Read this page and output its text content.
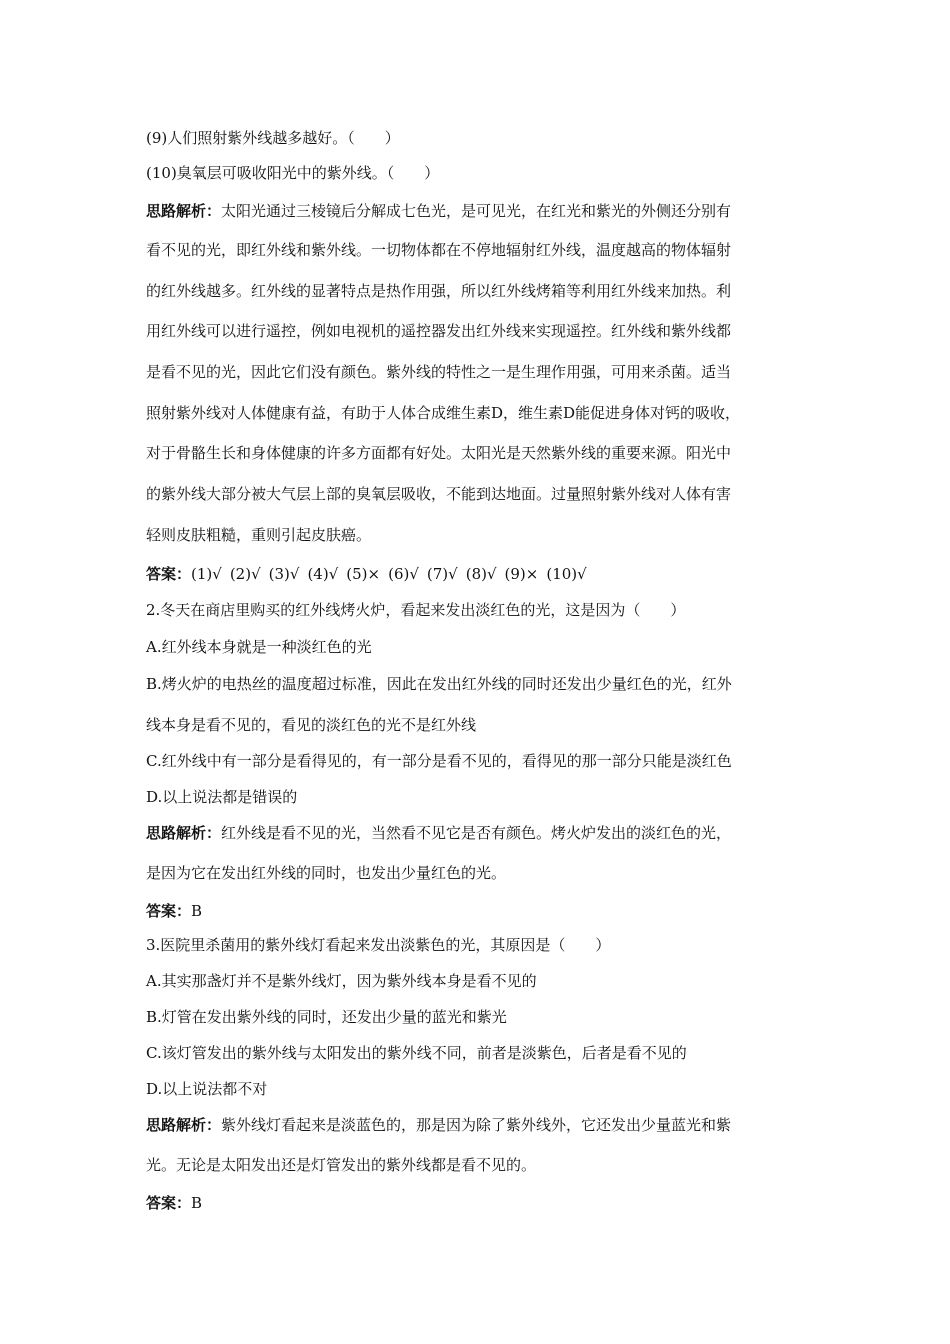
(9)人们照射紫外线越多越好。（　　）
(10)臭氧层可吸收阳光中的紫外线。（　　）
思路解析：太阳光通过三棱镜后分解成七色光，是可见光，在红光和紫光的外侧还分别有
看不见的光，即红外线和紫外线。一切物体都在不停地辐射红外线，温度越高的物体辐射
的红外线越多。红外线的显著特点是热作用强，所以红外线烤箱等利用红外线来加热。利
用红外线可以进行遥控，例如电视机的遥控器发出红外线来实现遥控。红外线和紫外线都
是看不见的光，因此它们没有颜色。紫外线的特性之一是生理作用强，可用来杀菌。适当
照射紫外线对人体健康有益，有助于人体合成维生素D，维生素D能促进身体对钙的吸收，
对于骨骼生长和身体健康的许多方面都有好处。太阳光是天然紫外线的重要来源。阳光中
的紫外线大部分被大气层上部的臭氧层吸收，不能到达地面。过量照射紫外线对人体有害
轻则皮肤粗糙，重则引起皮肤癌。
答案：(1)√ (2)√ (3)√ (4)√ (5)× (6)√ (7)√ (8)√ (9)× (10)√
2.冬天在商店里购买的红外线烤火炉，看起来发出淡红色的光，这是因为（　　）
A.红外线本身就是一种淡红色的光
B.烤火炉的电热丝的温度超过标准，因此在发出红外线的同时还发出少量红色的光，红外
线本身是看不见的，看见的淡红色的光不是红外线
C.红外线中有一部分是看得见的，有一部分是看不见的，看得见的那一部分只能是淡红色
D.以上说法都是错误的
思路解析：红外线是看不见的光，当然看不见它是否有颜色。烤火炉发出的淡红色的光，
是因为它在发出红外线的同时，也发出少量红色的光。
答案：B
3.医院里杀菌用的紫外线灯看起来发出淡紫色的光，其原因是（　　）
A.其实那盏灯并不是紫外线灯，因为紫外线本身是看不见的
B.灯管在发出紫外线的同时，还发出少量的蓝光和紫光
C.该灯管发出的紫外线与太阳发出的紫外线不同，前者是淡紫色，后者是看不见的
D.以上说法都不对
思路解析：紫外线灯看起来是淡蓝色的，那是因为除了紫外线外，它还发出少量蓝光和紫
光。无论是太阳发出还是灯管发出的紫外线都是看不见的。
答案：B
